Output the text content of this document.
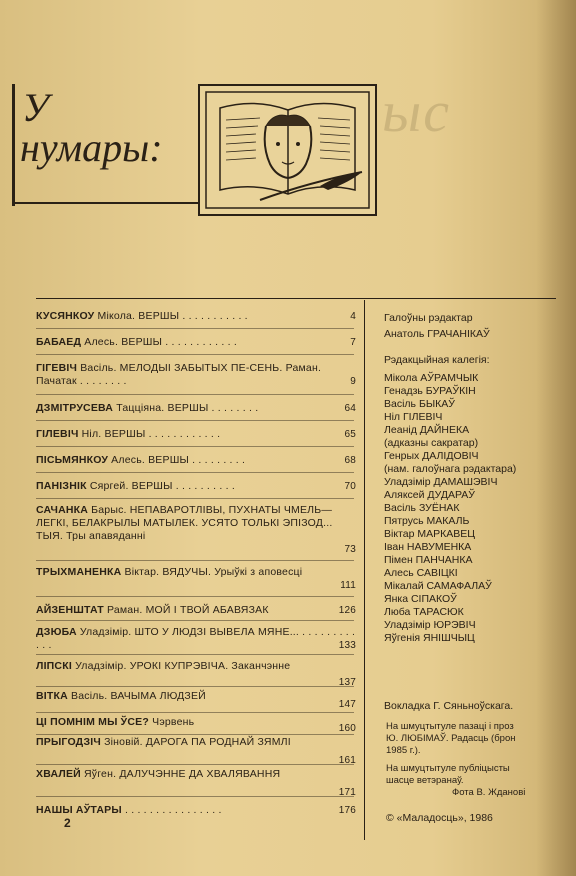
ыс
У
нумары:
КУСЯНКОУ Мікола. ВЕРШЫ . . . . . . . . . . .	4
БАБАЕД Алесь. ВЕРШЫ . . . . . . . . . . . .	7
ГІГЕВІЧ Васіль. МЕЛОДЫІ ЗАБЫТЫХ ПЕ-СЕНЬ. Раман. Пачатак . . . . . . . .	9
ДЗМІТРУСЕВА Тацціяна. ВЕРШЫ . . . . . . . .	64
ГІЛЕВІЧ Ніл. ВЕРШЫ . . . . . . . . . . . .	65
ПІСЬМЯНКОУ Алесь. ВЕРШЫ . . . . . . . . .	68
ПАНІЗНІК Сяргей. ВЕРШЫ . . . . . . . . . .	70
САЧАНКА Барыс. НЕПАВАРОТЛІВЫ, ПУХНАТЫ ЧМЕЛЬ—ЛЕГКІ, БЕЛАКРЫЛЫ МАТЫЛЕК. УСЯТО ТОЛЬКІ ЭПІЗОД... ТЫЯ. Тры апавяданні
73
ТРЫХМАНЕНКА Віктар. ВЯДУЧЫ. Урыўкі з аповесці
111
АЙЗЕНШТАТ Раман. МОЙ І ТВОЙ АБАВЯЗАК	126
ДЗЮБА Уладзімір. ШТО У ЛЮДЗІ ВЫВЕЛА МЯНЕ... . . . . . . . . . . . .	133
ЛІПСКІ Уладзімір. УРОКІ КУПРЭВІЧА. Заканчэнне
137
ВІТКА Васіль. ВАЧЫМА ЛЮДЗЕЙ
147
ЦІ ПОМНІМ МЫ ЎСЕ? Чэрвень
160
ПРЫГОДЗІЧ Зіновій. ДАРОГА ПА РОДНАЙ ЗЯМЛІ
161
ХВАЛЕЙ Яўген. ДАЛУЧЭННЕ ДА ХВАЛЯВАННЯ
171
НАШЫ АЎТАРЫ . . . . . . . . . . . . . . . .	176
2
Галоўны рэдактар
Анатоль ГРАЧАНІКАЎ
Рэдакцыйная калегія:
Мікола АЎРАМЧЫК
Генадзь БУРАЎКІН
Васіль БЫКАЎ
Ніл ГІЛЕВІЧ
Леанід ДАЙНЕКА
(адказны сакратар)
Генрых ДАЛІДОВІЧ
(нам. галоўнага рэдактара)
Уладзімір ДАМАШЭВІЧ
Аляксей ДУДАРАЎ
Васіль ЗУЁНАК
Пятрусь МАКАЛЬ
Віктар МАРКАВЕЦ
Іван НАВУМЕНКА
Пімен ПАНЧАНКА
Алесь САВІЦКІ
Мікалай САМАФАЛАЎ
Янка СІПАКОЎ
Люба ТАРАСЮК
Уладзімір ЮРЭВІЧ
Яўгенія ЯНІШЧЫЦ
Вокладка Г. Сяньноўскага.
На шмуцтытуле пазаці і проз
Ю. ЛЮБІМАЎ. Радасць (брон
1985 г.).
На шмуцтытуле публіцысты
шасце ветэранаў.
Фота В. Жданові
© «Маладосць», 1986
